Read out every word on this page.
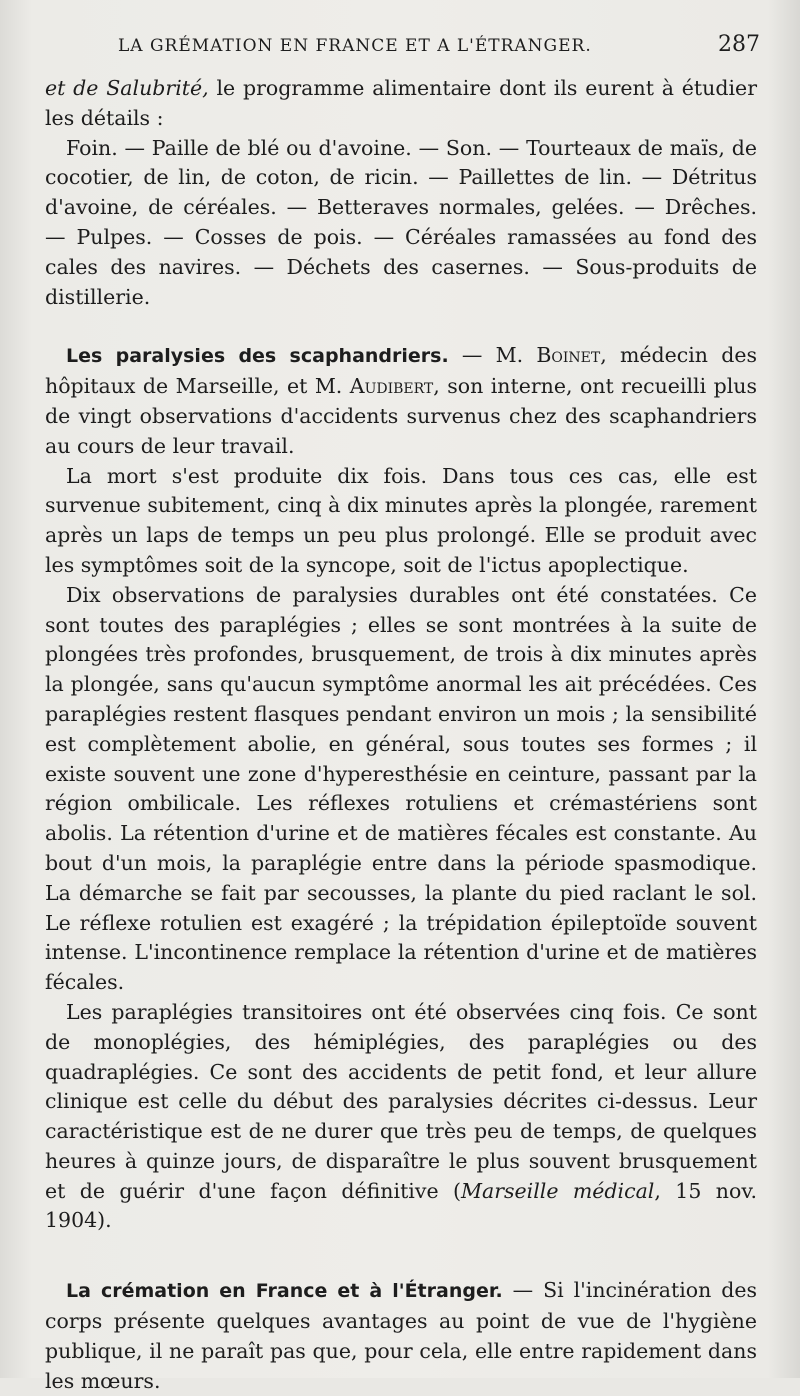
LA GRÉMATION EN FRANCE ET A L'ÉTRANGER.	287

et de Salubrité, le programme alimentaire dont ils eurent à étudier les détails :

Foin. — Paille de blé ou d'avoine. — Son. — Tourteaux de maïs, de cocotier, de lin, de coton, de ricin. — Paillettes de lin. — Détritus d'avoine, de céréales. — Betteraves normales, gelées. — Drêches. — Pulpes. — Cosses de pois. — Céréales ramassées au fond des cales des navires. — Déchets des casernes. — Sous-produits de distillerie.

Les paralysies des scaphandriers. — M. Boinet, médecin des hôpitaux de Marseille, et M. Audibert, son interne, ont recueilli plus de vingt observations d'accidents survenus chez des scaphandriers au cours de leur travail.

La mort s'est produite dix fois. Dans tous ces cas, elle est survenue subitement, cinq à dix minutes après la plongée, rarement après un laps de temps un peu plus prolongé. Elle se produit avec les symptômes soit de la syncope, soit de l'ictus apoplectique.

Dix observations de paralysies durables ont été constatées. Ce sont toutes des paraplégies ; elles se sont montrées à la suite de plongées très profondes, brusquement, de trois à dix minutes après la plongée, sans qu'aucun symptôme anormal les ait précédées. Ces paraplégies restent flasques pendant environ un mois ; la sensibilité est complètement abolie, en général, sous toutes ses formes ; il existe souvent une zone d'hyperesthésie en ceinture, passant par la région ombilicale. Les réflexes rotuliens et crémastériens sont abolis. La rétention d'urine et de matières fécales est constante. Au bout d'un mois, la paraplégie entre dans la période spasmodique. La démarche se fait par secousses, la plante du pied raclant le sol. Le réflexe rotulien est exagéré ; la trépidation épileptoïde souvent intense. L'incontinence remplace la rétention d'urine et de matières fécales.

Les paraplégies transitoires ont été observées cinq fois. Ce sont de monoplégies, des hémiplégies, des paraplégies ou des quadraplégies. Ce sont des accidents de petit fond, et leur allure clinique est celle du début des paralysies décrites ci-dessus. Leur caractéristique est de ne durer que très peu de temps, de quelques heures à quinze jours, de disparaître le plus souvent brusquement et de guérir d'une façon définitive (Marseille médical, 15 nov. 1904).

La crémation en France et à l'Étranger. — Si l'incinération des corps présente quelques avantages au point de vue de l'hygiène publique, il ne paraît pas que, pour cela, elle entre rapidement dans les mœurs.
